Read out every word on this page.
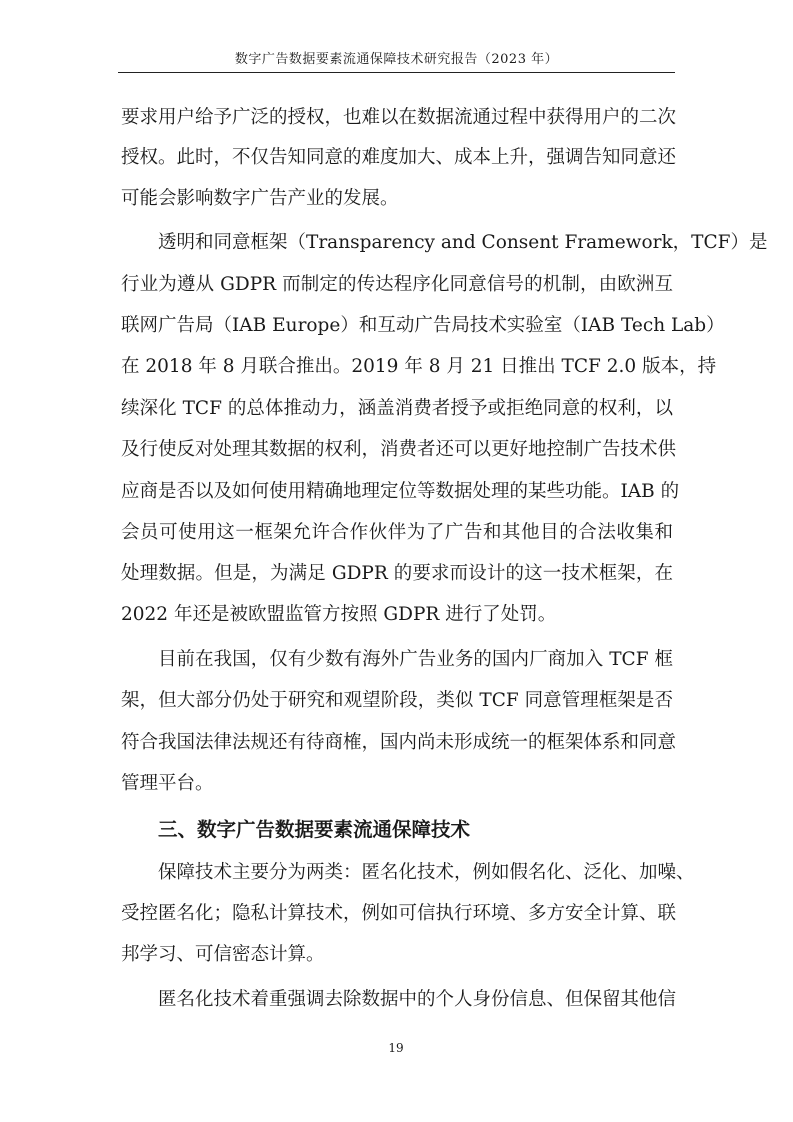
数字广告数据要素流通保障技术研究报告（2023 年）
要求用户给予广泛的授权，也难以在数据流通过程中获得用户的二次
授权。此时，不仅告知同意的难度加大、成本上升，强调告知同意还
可能会影响数字广告产业的发展。
透明和同意框架（Transparency and Consent Framework，TCF）是
行业为遵从 GDPR 而制定的传达程序化同意信号的机制，由欧洲互
联网广告局（IAB Europe）和互动广告局技术实验室（IAB Tech Lab）
在 2018 年 8 月联合推出。2019 年 8 月 21 日推出 TCF 2.0 版本，持
续深化 TCF 的总体推动力，涵盖消费者授予或拒绝同意的权利，以
及行使反对处理其数据的权利，消费者还可以更好地控制广告技术供
应商是否以及如何使用精确地理定位等数据处理的某些功能。IAB 的
会员可使用这一框架允许合作伙伴为了广告和其他目的合法收集和
处理数据。但是，为满足 GDPR 的要求而设计的这一技术框架，在
2022 年还是被欧盟监管方按照 GDPR 进行了处罚。
目前在我国，仅有少数有海外广告业务的国内厂商加入 TCF 框
架，但大部分仍处于研究和观望阶段，类似 TCF 同意管理框架是否
符合我国法律法规还有待商榷，国内尚未形成统一的框架体系和同意
管理平台。
三、数字广告数据要素流通保障技术
保障技术主要分为两类：匿名化技术，例如假名化、泛化、加噪、
受控匿名化；隐私计算技术，例如可信执行环境、多方安全计算、联
邦学习、可信密态计算。
匿名化技术着重强调去除数据中的个人身份信息、但保留其他信
19
